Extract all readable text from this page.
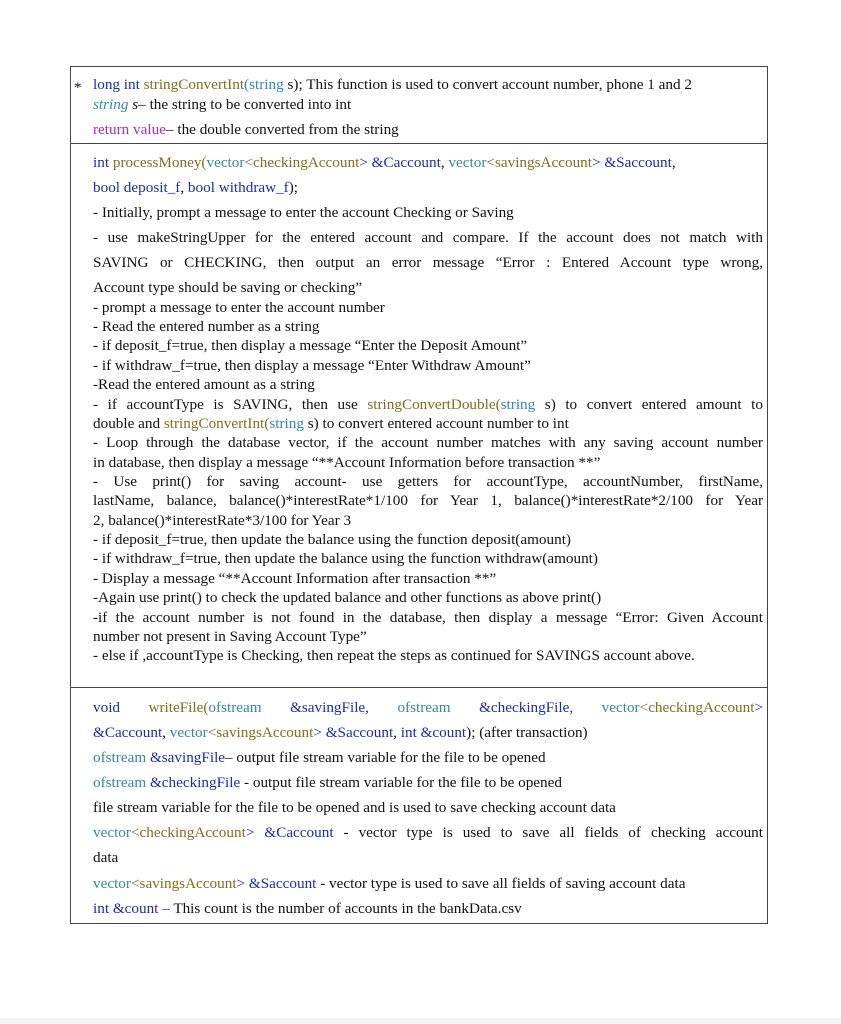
* long int stringConvertInt(string s); This function is used to convert account number, phone 1 and 2
string s– the string to be converted into int
return value– the double converted from the string
int processMoney(vector<checkingAccount> &Caccount, vector<savingsAccount> &Saccount,
bool deposit_f, bool withdraw_f);
- Initially, prompt a message to enter the account Checking or Saving
- use makeStringUpper for the entered account and compare. If the account does not match with
SAVING or CHECKING, then output an error message “Error : Entered Account type wrong,
Account type should be saving or checking”
- prompt a message to enter the account number
- Read the entered number as a string
- if deposit_f=true, then display a message “Enter the Deposit Amount”
- if withdraw_f=true, then display a message “Enter Withdraw Amount”
-Read the entered amount as a string
- if accountType is SAVING, then use stringConvertDouble(string s) to convert entered amount to
double and stringConvertInt(string s) to convert entered account number to int
- Loop through the database vector, if the account number matches with any saving account number
in database, then display a message “**Account Information before transaction **”
- Use print() for saving account- use getters for accountType, accountNumber, firstName,
lastName, balance, balance()*interestRate*1/100 for Year 1, balance()*interestRate*2/100 for Year
2, balance()*interestRate*3/100 for Year 3
- if deposit_f=true, then update the balance using the function deposit(amount)
- if withdraw_f=true, then update the balance using the function withdraw(amount)
- Display a message “**Account Information after transaction **”
-Again use print() to check the updated balance and other functions as above print()
-if the account number is not found in the database, then display a message “Error: Given Account
number not present in Saving Account Type”
- else if ,accountType is Checking, then repeat the steps as continued for SAVINGS account above.
void writeFile(ofstream &savingFile, ofstream &checkingFile, vector<checkingAccount>
&Caccount, vector<savingsAccount> &Saccount, int &count); (after transaction)
ofstream &savingFile– output file stream variable for the file to be opened
ofstream &checkingFile - output file stream variable for the file to be opened
file stream variable for the file to be opened and is used to save checking account data
vector<checkingAccount> &Caccount - vector type is used to save all fields of checking account
data
vector<savingsAccount> &Saccount - vector type is used to save all fields of saving account data
int &count – This count is the number of accounts in the bankData.csv
